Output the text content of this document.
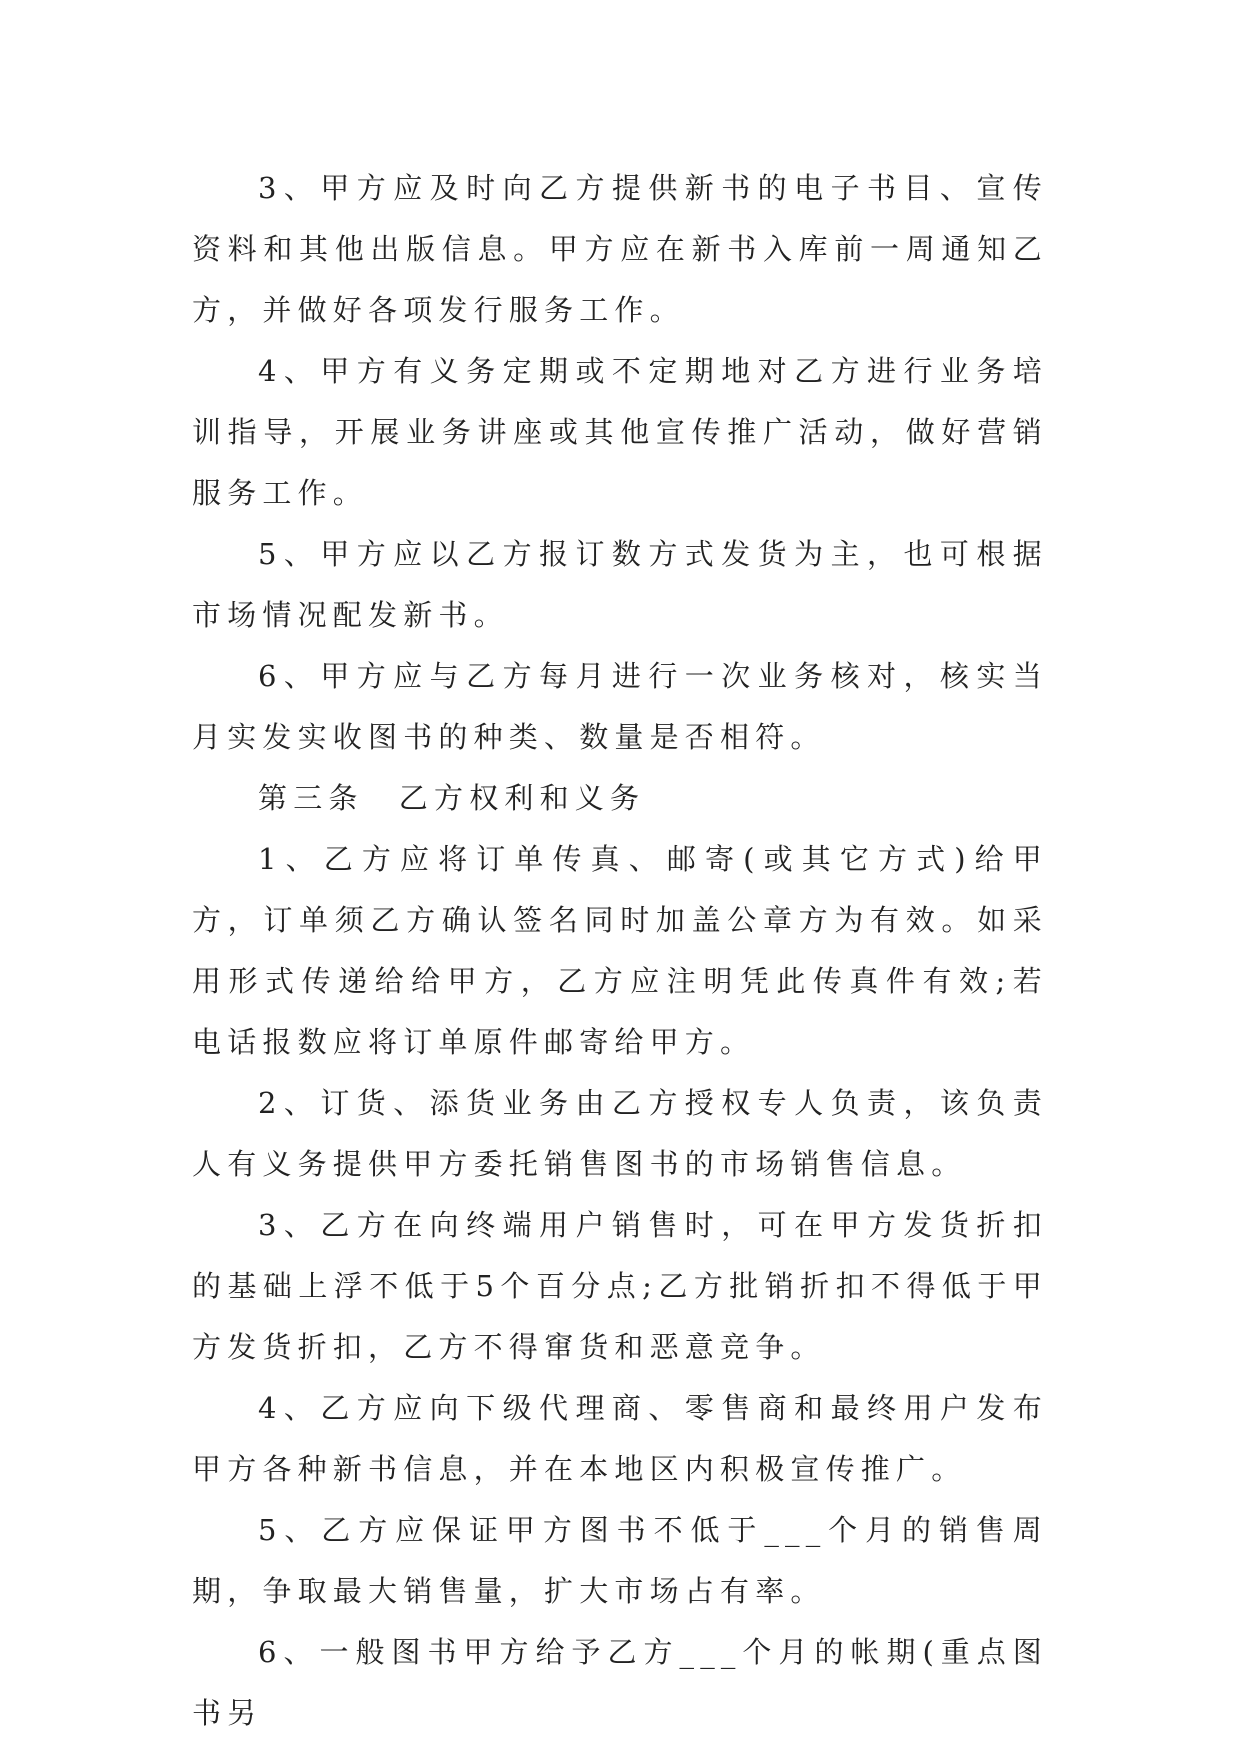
3、甲方应及时向乙方提供新书的电子书目、宣传资料和其他出版信息。甲方应在新书入库前一周通知乙方，并做好各项发行服务工作。

4、甲方有义务定期或不定期地对乙方进行业务培训指导，开展业务讲座或其他宣传推广活动，做好营销服务工作。

5、甲方应以乙方报订数方式发货为主，也可根据市场情况配发新书。

6、甲方应与乙方每月进行一次业务核对，核实当月实发实收图书的种类、数量是否相符。

第三条　乙方权利和义务

1、乙方应将订单传真、邮寄(或其它方式)给甲方，订单须乙方确认签名同时加盖公章方为有效。如采用形式传递给给甲方，乙方应注明凭此传真件有效;若电话报数应将订单原件邮寄给甲方。

2、订货、添货业务由乙方授权专人负责，该负责人有义务提供甲方委托销售图书的市场销售信息。

3、乙方在向终端用户销售时，可在甲方发货折扣的基础上浮不低于5个百分点;乙方批销折扣不得低于甲方发货折扣，乙方不得窜货和恶意竞争。

4、乙方应向下级代理商、零售商和最终用户发布甲方各种新书信息，并在本地区内积极宣传推广。

5、乙方应保证甲方图书不低于___个月的销售周期，争取最大销售量，扩大市场占有率。

6、一般图书甲方给予乙方___个月的帐期(重点图书另
